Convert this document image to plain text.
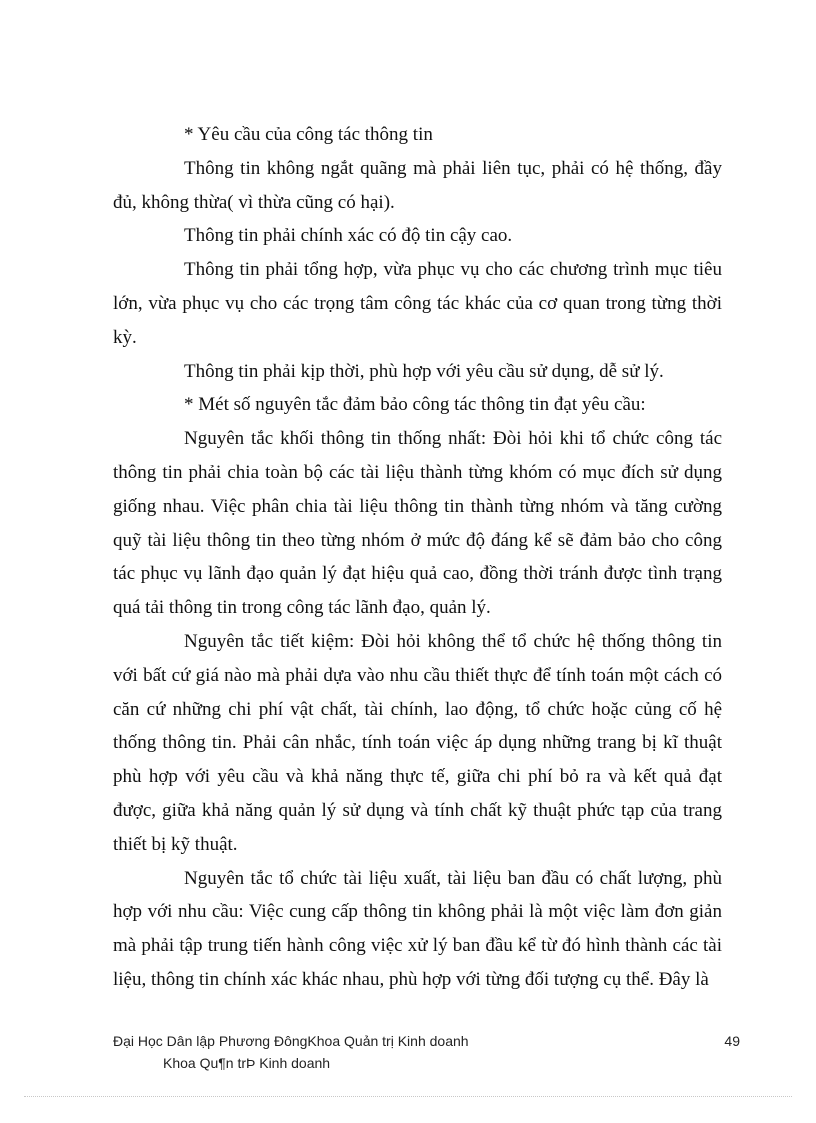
* Yêu cầu của công tác thông tin

Thông tin không ngắt quãng mà phải liên tục, phải có hệ thống, đầy đủ, không thừa( vì thừa cũng có hại).

Thông tin phải chính xác có độ tin cậy cao.

Thông tin phải tổng hợp, vừa phục vụ cho các chương trình mục tiêu lớn, vừa phục vụ cho các trọng tâm công tác khác của cơ quan trong từng thời kỳ.

Thông tin phải kịp thời, phù hợp với yêu cầu sử dụng, dễ sử lý.

* Mét số nguyên tắc đảm bảo công tác thông tin đạt yêu cầu:

Nguyên tắc khối thông tin thống nhất: Đòi hỏi khi tổ chức công tác thông tin phải chia toàn bộ các tài liệu thành từng khóm có mục đích sử dụng giống nhau. Việc phân chia tài liệu thông tin thành từng nhóm và tăng cường quỹ tài liệu thông tin theo từng nhóm ở mức độ đáng kể sẽ đảm bảo cho công tác phục vụ lãnh đạo quản lý đạt hiệu quả cao, đồng thời tránh được tình trạng quá tải thông tin trong công tác lãnh đạo, quản lý.

Nguyên tắc tiết kiệm: Đòi hỏi không thể tổ chức hệ thống thông tin với bất cứ giá nào mà phải dựa vào nhu cầu thiết thực để tính toán một cách có căn cứ những chi phí vật chất, tài chính, lao động, tổ chức hoặc củng cố hệ thống thông tin. Phải cân nhắc, tính toán việc áp dụng những trang bị kĩ thuật phù hợp với yêu cầu và khả năng thực tế, giữa chi phí bỏ ra và kết quả đạt được, giữa khả năng quản lý sử dụng và tính chất kỹ thuật phức tạp của trang thiết bị kỹ thuật.

Nguyên tắc tổ chức tài liệu xuất, tài liệu ban đầu có chất lượng, phù hợp với nhu cầu: Việc cung cấp thông tin không phải là một việc làm đơn giản mà phải tập trung tiến hành công việc xử lý ban đầu kể từ đó hình thành các tài liệu, thông tin chính xác khác nhau, phù hợp với từng đối tượng cụ thể. Đây là

Đại Học Dân lập Phương ĐôngKhoa Quản trị Kinh doanh
Khoa Qu¶n trÞ Kinh doanh
49
